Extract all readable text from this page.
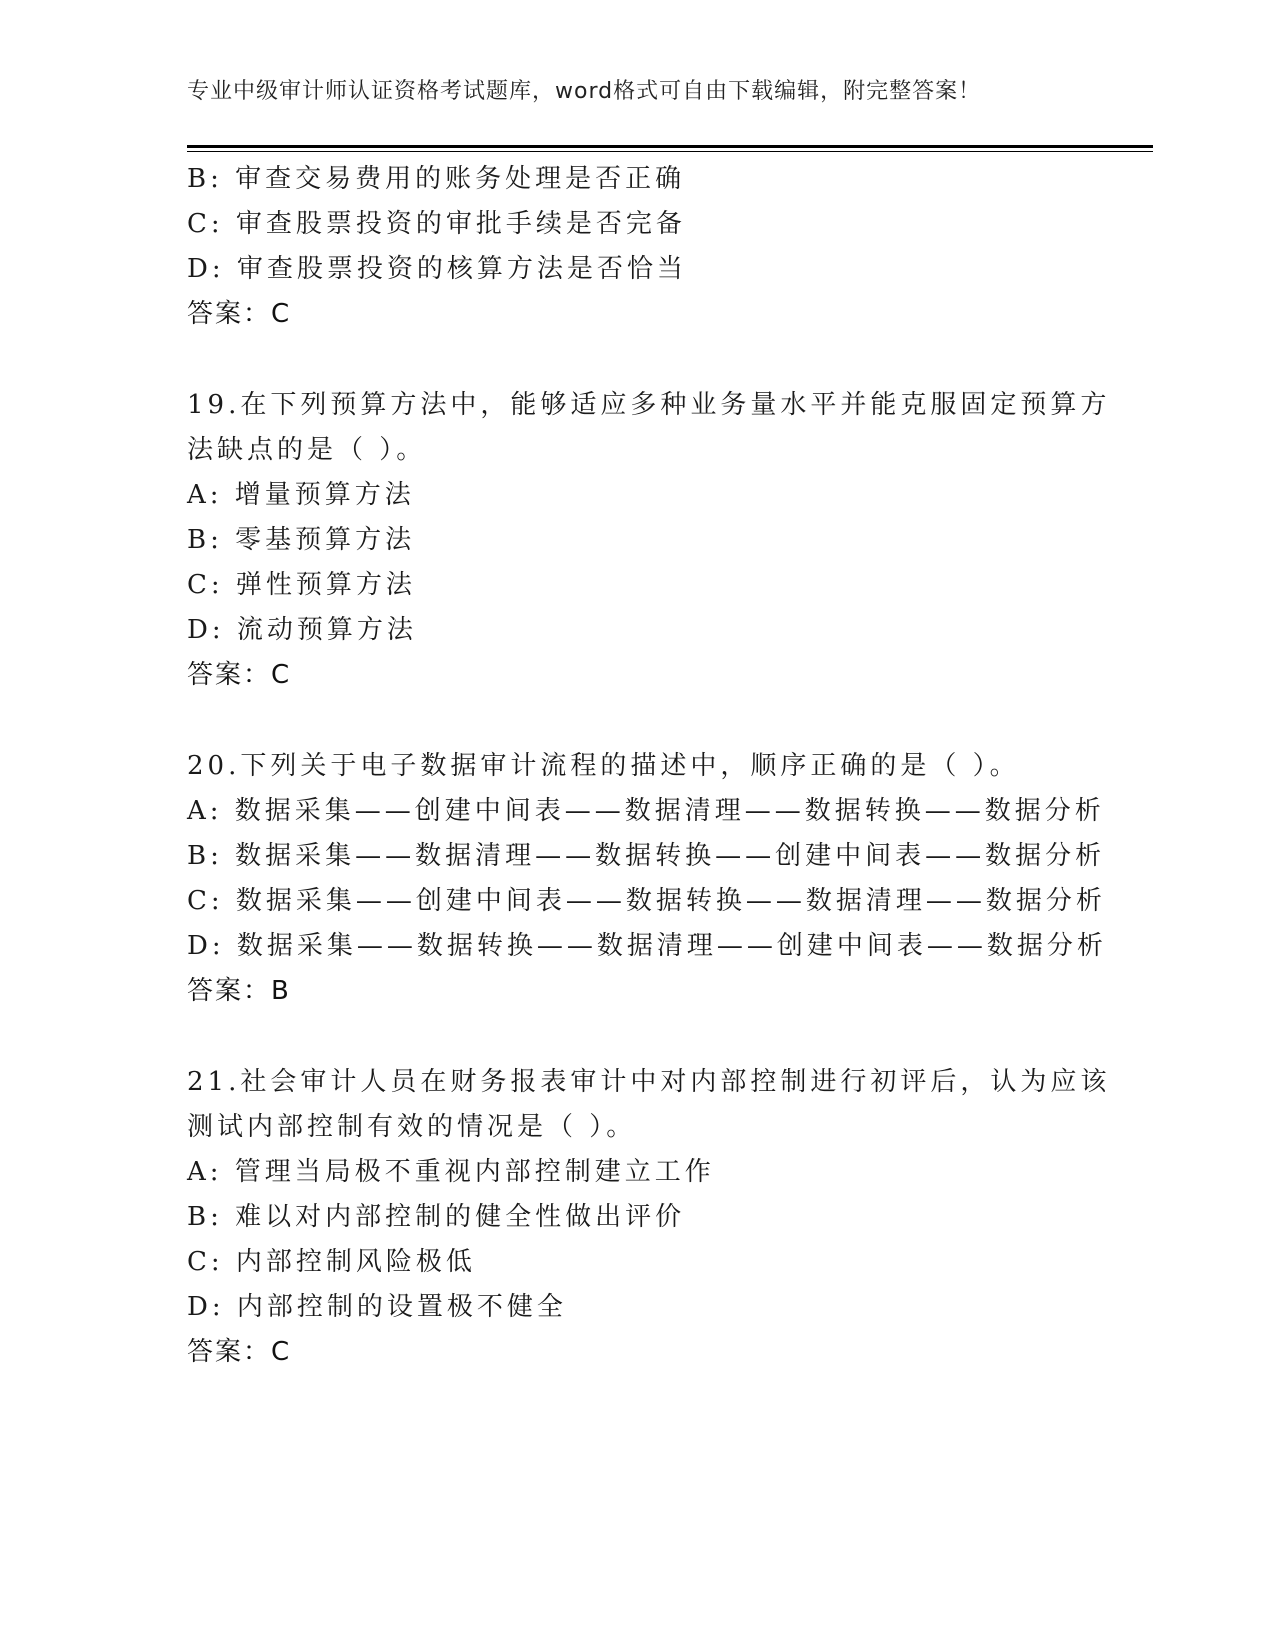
专业中级审计师认证资格考试题库，word格式可自由下载编辑，附完整答案！
B: 审查交易费用的账务处理是否正确
C: 审查股票投资的审批手续是否完备
D: 审查股票投资的核算方法是否恰当
答案：C
19.在下列预算方法中，能够适应多种业务量水平并能克服固定预算方
法缺点的是（ ）。
A: 增量预算方法
B: 零基预算方法
C: 弹性预算方法
D: 流动预算方法
答案：C
20.下列关于电子数据审计流程的描述中，顺序正确的是（ ）。
A: 数据采集——创建中间表——数据清理——数据转换——数据分析
B: 数据采集——数据清理——数据转换——创建中间表——数据分析
C: 数据采集——创建中间表——数据转换——数据清理——数据分析
D: 数据采集——数据转换——数据清理——创建中间表——数据分析
答案：B
21.社会审计人员在财务报表审计中对内部控制进行初评后，认为应该
测试内部控制有效的情况是（ ）。
A: 管理当局极不重视内部控制建立工作
B: 难以对内部控制的健全性做出评价
C: 内部控制风险极低
D: 内部控制的设置极不健全
答案：C
